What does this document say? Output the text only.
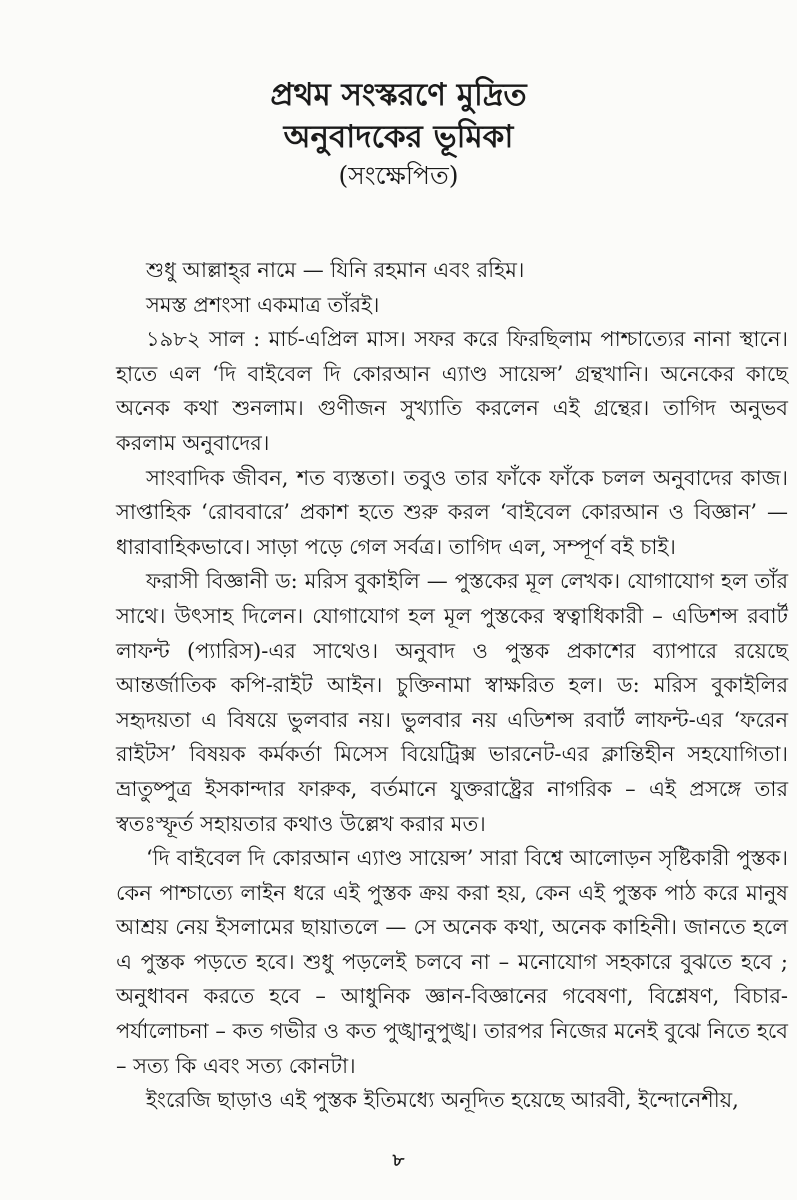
প্রথম সংস্করণে মুদ্রিত
অনুবাদকের ভূমিকা
(সংক্ষেপিত)

শুধু আল্লাহ্‌র নামে — যিনি রহমান এবং রহিম।

সমস্ত প্রশংসা একমাত্র তাঁরই।

১৯৮২ সাল : মার্চ-এপ্রিল মাস। সফর করে ফিরছিলাম পাশ্চাত্যের নানা স্থানে। হাতে এল ‘দি বাইবেল দি কোরআন এ্যাণ্ড সায়েন্স’ গ্রন্থখানি। অনেকের কাছে অনেক কথা শুনলাম। গুণীজন সুখ্যাতি করলেন এই গ্রন্থের। তাগিদ অনুভব করলাম অনুবাদের।

সাংবাদিক জীবন, শত ব্যস্ততা। তবুও তার ফাঁকে ফাঁকে চলল অনুবাদের কাজ। সাপ্তাহিক ‘রোববারে’ প্রকাশ হতে শুরু করল ‘বাইবেল কোরআন ও বিজ্ঞান’ — ধারাবাহিকভাবে। সাড়া পড়ে গেল সর্বত্র। তাগিদ এল, সম্পূর্ণ বই চাই।

ফরাসী বিজ্ঞানী ড: মরিস বুকাইলি — পুস্তকের মূল লেখক। যোগাযোগ হল তাঁর সাথে। উৎসাহ দিলেন। যোগাযোগ হল মূল পুস্তকের স্বত্বাধিকারী – এডিশন্স রবার্ট লাফন্ট (প্যারিস)-এর সাথেও। অনুবাদ ও পুস্তক প্রকাশের ব্যাপারে রয়েছে আন্তর্জাতিক কপি-রাইট আইন। চুক্তিনামা স্বাক্ষরিত হল। ড: মরিস বুকাইলির সহৃদয়তা এ বিষয়ে ভুলবার নয়। ভুলবার নয় এডিশন্স রবার্ট লাফন্ট-এর ‘ফরেন রাইটস’ বিষয়ক কর্মকর্তা মিসেস বিয়েট্রিক্স ভারনেট-এর ক্লান্তিহীন সহযোগিতা। ভ্রাতুষ্পুত্র ইসকান্দার ফারুক, বর্তমানে যুক্তরাষ্ট্রের নাগরিক – এই প্রসঙ্গে তার স্বতঃস্ফূর্ত সহায়তার কথাও উল্লেখ করার মত।

‘দি বাইবেল দি কোরআন এ্যাণ্ড সায়েন্স’ সারা বিশ্বে আলোড়ন সৃষ্টিকারী পুস্তক। কেন পাশ্চাত্যে লাইন ধরে এই পুস্তক ক্রয় করা হয়, কেন এই পুস্তক পাঠ করে মানুষ আশ্রয় নেয় ইসলামের ছায়াতলে — সে অনেক কথা, অনেক কাহিনী। জানতে হলে এ পুস্তক পড়তে হবে। শুধু পড়লেই চলবে না – মনোযোগ সহকারে বুঝতে হবে ; অনুধাবন করতে হবে – আধুনিক জ্ঞান-বিজ্ঞানের গবেষণা, বিশ্লেষণ, বিচার-পর্যালোচনা – কত গভীর ও কত পুঙ্খানুপুঙ্খ। তারপর নিজের মনেই বুঝে নিতে হবে – সত্য কি এবং সত্য কোনটা।

ইংরেজি ছাড়াও এই পুস্তক ইতিমধ্যে অনূদিত হয়েছে আরবী, ইন্দোনেশীয়,

৮
